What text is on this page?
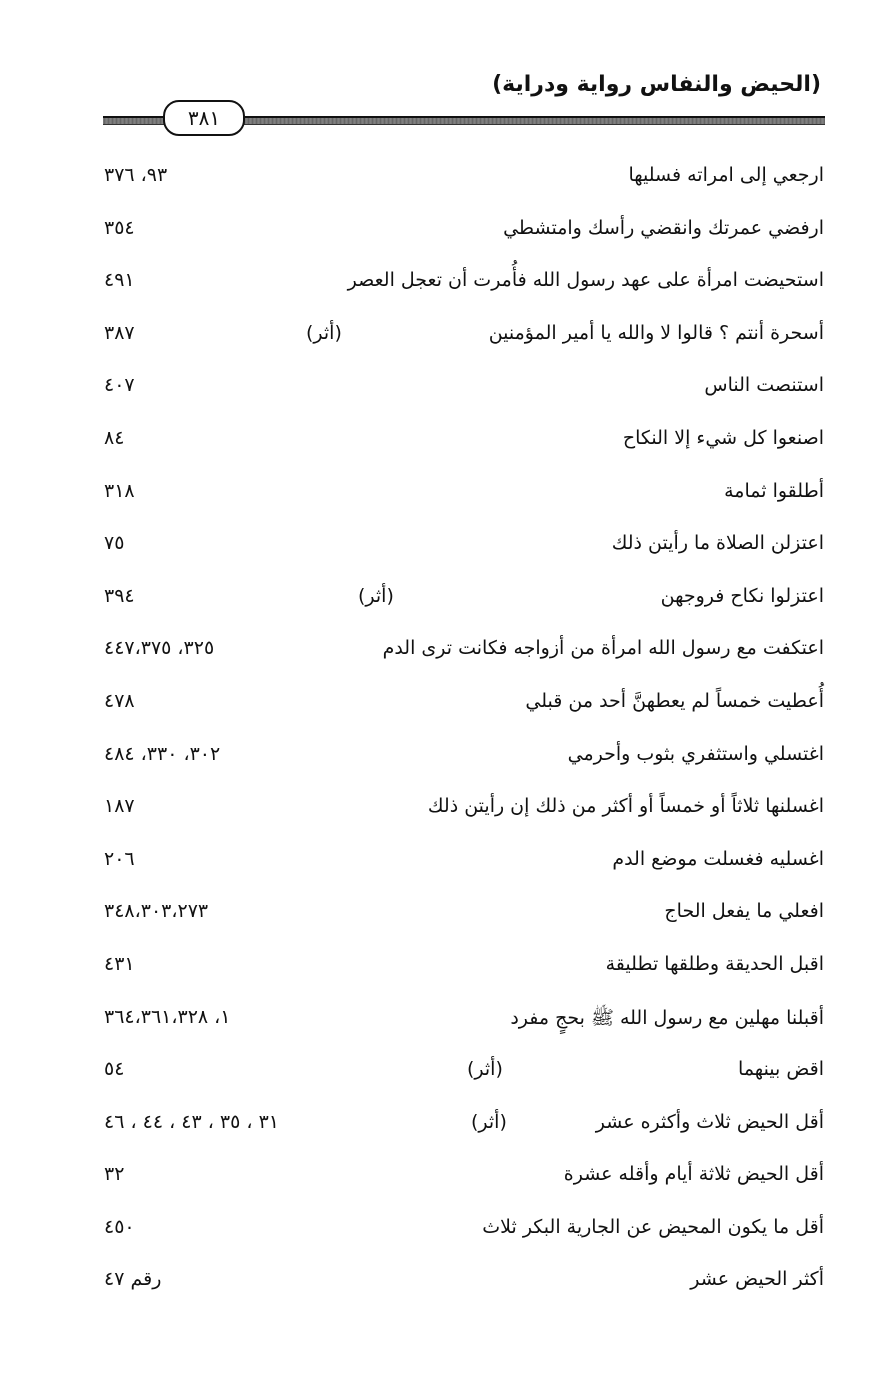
(الحيض والنفاس رواية ودراية)
٣٨١
ارجعي إلى امراته فسليها
٩٣، ٣٧٦
ارفضي عمرتك وانقضي رأسك وامتشطي
٣٥٤
استحيضت امرأة على عهد رسول الله فأُمرت أن تعجل العصر
٤٩١
أسحرة أنتم ؟ قالوا لا والله يا أمير المؤمنين
(أثر)
٣٨٧
استنصت الناس
٤٠٧
اصنعوا كل شيء إلا النكاح
٨٤
أطلقوا ثمامة
٣١٨
اعتزلن الصلاة ما رأيتن ذلك
٧٥
اعتزلوا نكاح فروجهن
(أثر)
٣٩٤
اعتكفت مع رسول الله امرأة من أزواجه فكانت ترى الدم
٣٢٥، ٤٤٧،٣٧٥
أُعطيت خمساً لم يعطهنَّ أحد من قبلي
٤٧٨
اغتسلي واستثفري بثوب وأحرمي
٣٠٢، ٣٣٠، ٤٨٤
اغسلنها ثلاثاً أو خمساً أو أكثر من ذلك إن رأيتن ذلك
١٨٧
اغسليه فغسلت موضع الدم
٢٠٦
افعلي ما يفعل الحاج
٣٤٨،٣٠٣،٢٧٣
اقبل الحديقة وطلقها تطليقة
٤٣١
أقبلنا مهلين مع رسول الله ﷺ بحجٍ مفرد
١، ٣٦٤،٣٦١،٣٢٨
اقض بينهما
(أثر)
٥٤
أقل الحيض ثلاث وأكثره عشر
(أثر)
٣١ ، ٣٥ ، ٤٣ ، ٤٤ ، ٤٦
أقل الحيض ثلاثة أيام وأقله عشرة
٣٢
أقل ما يكون المحيض عن الجارية البكر ثلاث
٤٥٠
أكثر الحيض عشر
رقم ٤٧
